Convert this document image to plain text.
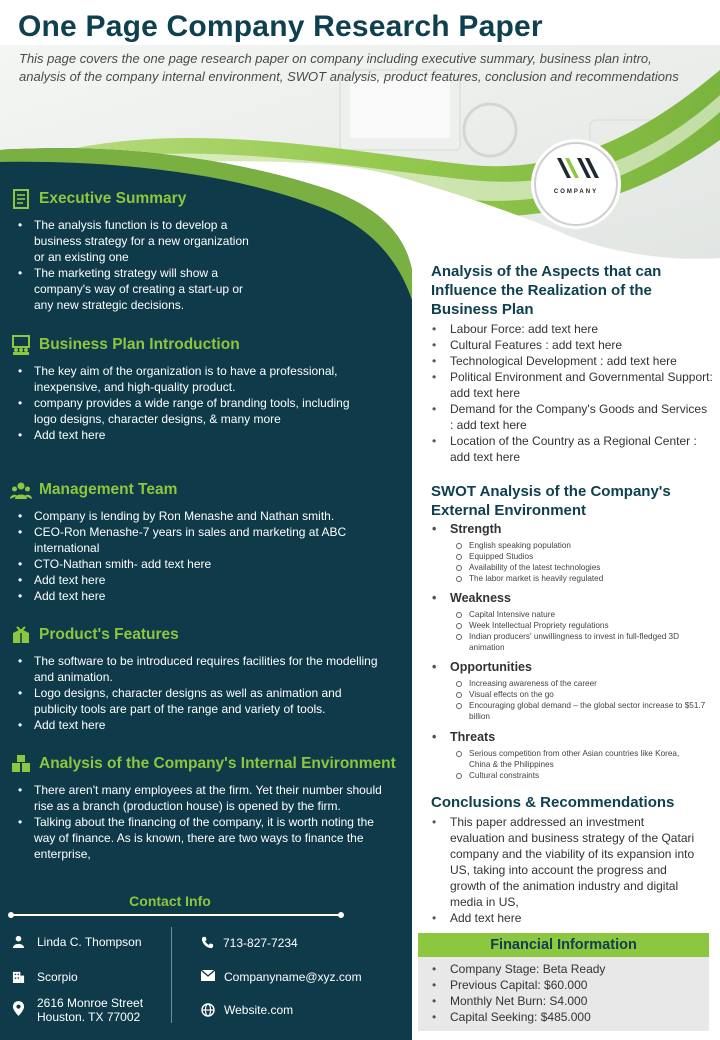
One Page Company Research Paper
This page covers the one page research paper on company including executive summary, business plan intro, analysis of the company internal environment, SWOT analysis, product features, conclusion and recommendations
COMPANY
Executive Summary
• The analysis function is to develop a business strategy for a new organization or an existing one
• The marketing strategy will show a company's way of creating a start-up or any new strategic decisions.
Business Plan Introduction
• The key aim of the organization is to have a professional, inexpensive, and high-quality product.
• company provides a wide range of branding tools, including logo designs, character designs, & many more
• Add text here
Management Team
• Company is lending by Ron Menashe and Nathan smith.
• CEO-Ron Menashe-7 years in sales and marketing at ABC international
• CTO-Nathan smith- add text here
• Add text here
• Add text here
Product's Features
• The software to be introduced requires facilities for the modelling and animation.
• Logo designs, character designs as well as animation and publicity tools are part of the range and variety of tools.
• Add text here
Analysis of the Company's Internal Environment
• There aren't many employees at the firm. Yet their number should rise as a branch (production house) is opened by the firm.
• Talking about the financing of the company, it is worth noting the way of finance. As is known, there are two ways to finance the enterprise,
Contact Info
Linda C. Thompson
Scorpio
2616 Monroe Street
Houston. TX 77002
713-827-7234
Companyname@xyz.com
Website.com
Analysis of the Aspects that can Influence the Realization of the Business Plan
• Labour Force: add text here
• Cultural Features : add text here
• Technological Development : add text here
• Political Environment and Governmental Support: add text here
• Demand for the Company's Goods and Services : add text here
• Location of the Country as a Regional Center : add text here
SWOT Analysis of the Company's External Environment
• Strength
English speaking population
Equipped Studios
Availability of the latest technologies
The labor market is heavily regulated
• Weakness
Capital Intensive nature
Week Intellectual Propriety regulations
Indian producers' unwillingness to invest in full-fledged 3D animation
• Opportunities
Increasing awareness of the career
Visual effects on the go
Encouraging global demand – the global sector increase to $51.7 billion
• Threats
Serious competition from other Asian countries like Korea, China & the Philippines
Cultural constraints
Conclusions & Recommendations
• This paper addressed an investment evaluation and business strategy of the Qatari company and the viability of its expansion into US, taking into account the progress and growth of the animation industry and digital media in US,
• Add text here
Financial Information
• Company Stage: Beta Ready
• Previous Capital: $60.000
• Monthly Net Burn: S4.000
• Capital Seeking: $485.000
